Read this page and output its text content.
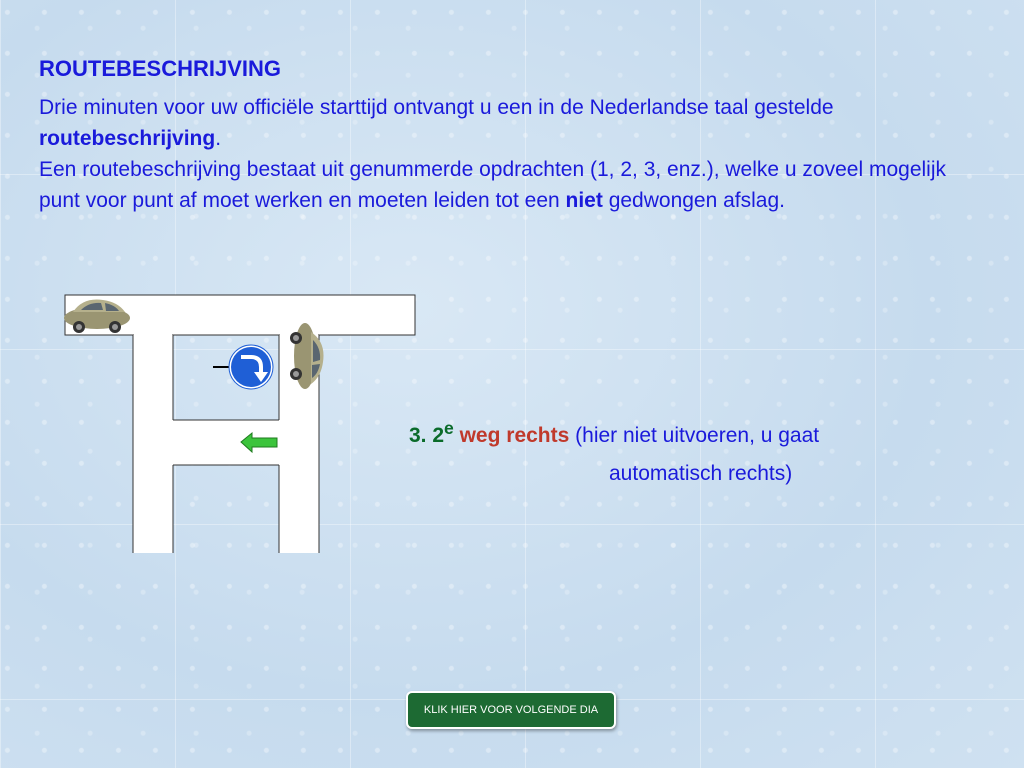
ROUTEBESCHRIJVING

Drie minuten voor uw officiële starttijd ontvangt u een in de Nederlandse taal gestelde routebeschrijving.

Een routebeschrijving bestaat uit genummerde opdrachten (1, 2, 3, enz.), welke u zoveel mogelijk punt voor punt af moet werken en moeten leiden tot een niet gedwongen afslag.

3. 2e weg rechts (hier niet uitvoeren, u gaat
automatisch rechts)
KLIK HIER VOOR VOLGENDE DIA
